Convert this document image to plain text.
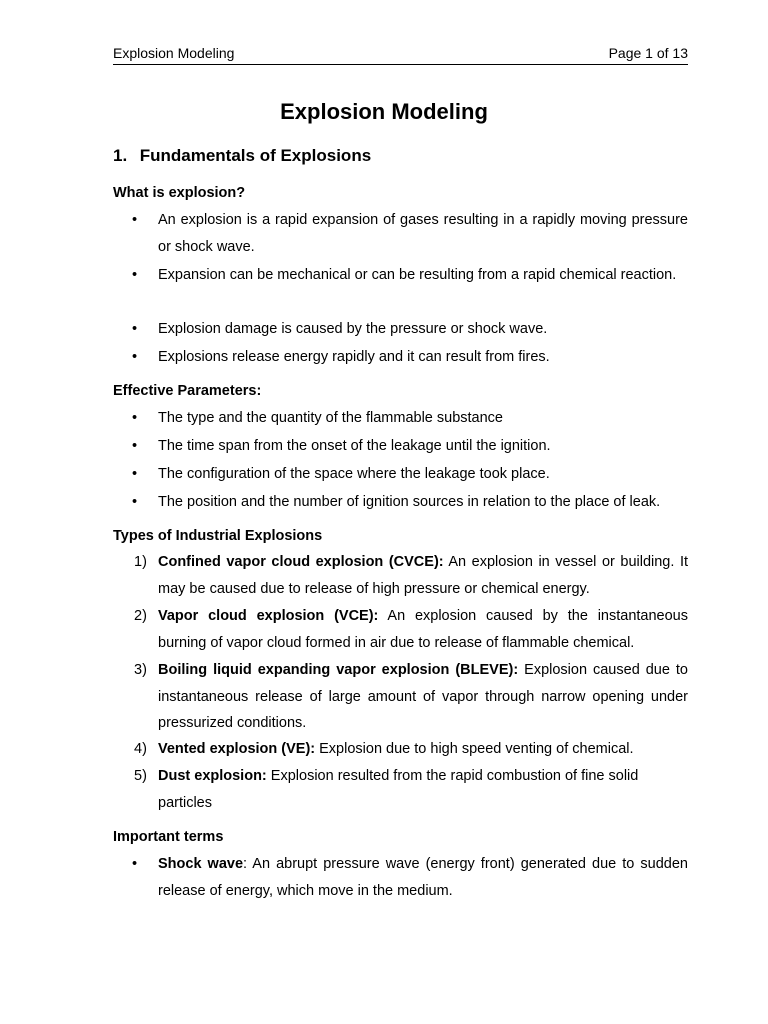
Explosion Modeling	Page 1 of 13
Explosion Modeling
1. Fundamentals of Explosions

What is explosion?

• An explosion is a rapid expansion of gases resulting in a rapidly moving pressure or shock wave.
• Expansion can be mechanical or can be resulting from a rapid chemical reaction.
• Explosion damage is caused by the pressure or shock wave.
• Explosions release energy rapidly and it can result from fires.

Effective Parameters:

• The type and the quantity of the flammable substance
• The time span from the onset of the leakage until the ignition.
• The configuration of the space where the leakage took place.
• The position and the number of ignition sources in relation to the place of leak.

Types of Industrial Explosions

1) Confined vapor cloud explosion (CVCE): An explosion in vessel or building. It may be caused due to release of high pressure or chemical energy.
2) Vapor cloud explosion (VCE): An explosion caused by the instantaneous burning of vapor cloud formed in air due to release of flammable chemical.
3) Boiling liquid expanding vapor explosion (BLEVE): Explosion caused due to instantaneous release of large amount of vapor through narrow opening under pressurized conditions.
4) Vented explosion (VE): Explosion due to high speed venting of chemical.
5) Dust explosion: Explosion resulted from the rapid combustion of fine solid particles

Important terms

• Shock wave: An abrupt pressure wave (energy front) generated due to sudden release of energy, which move in the medium.
